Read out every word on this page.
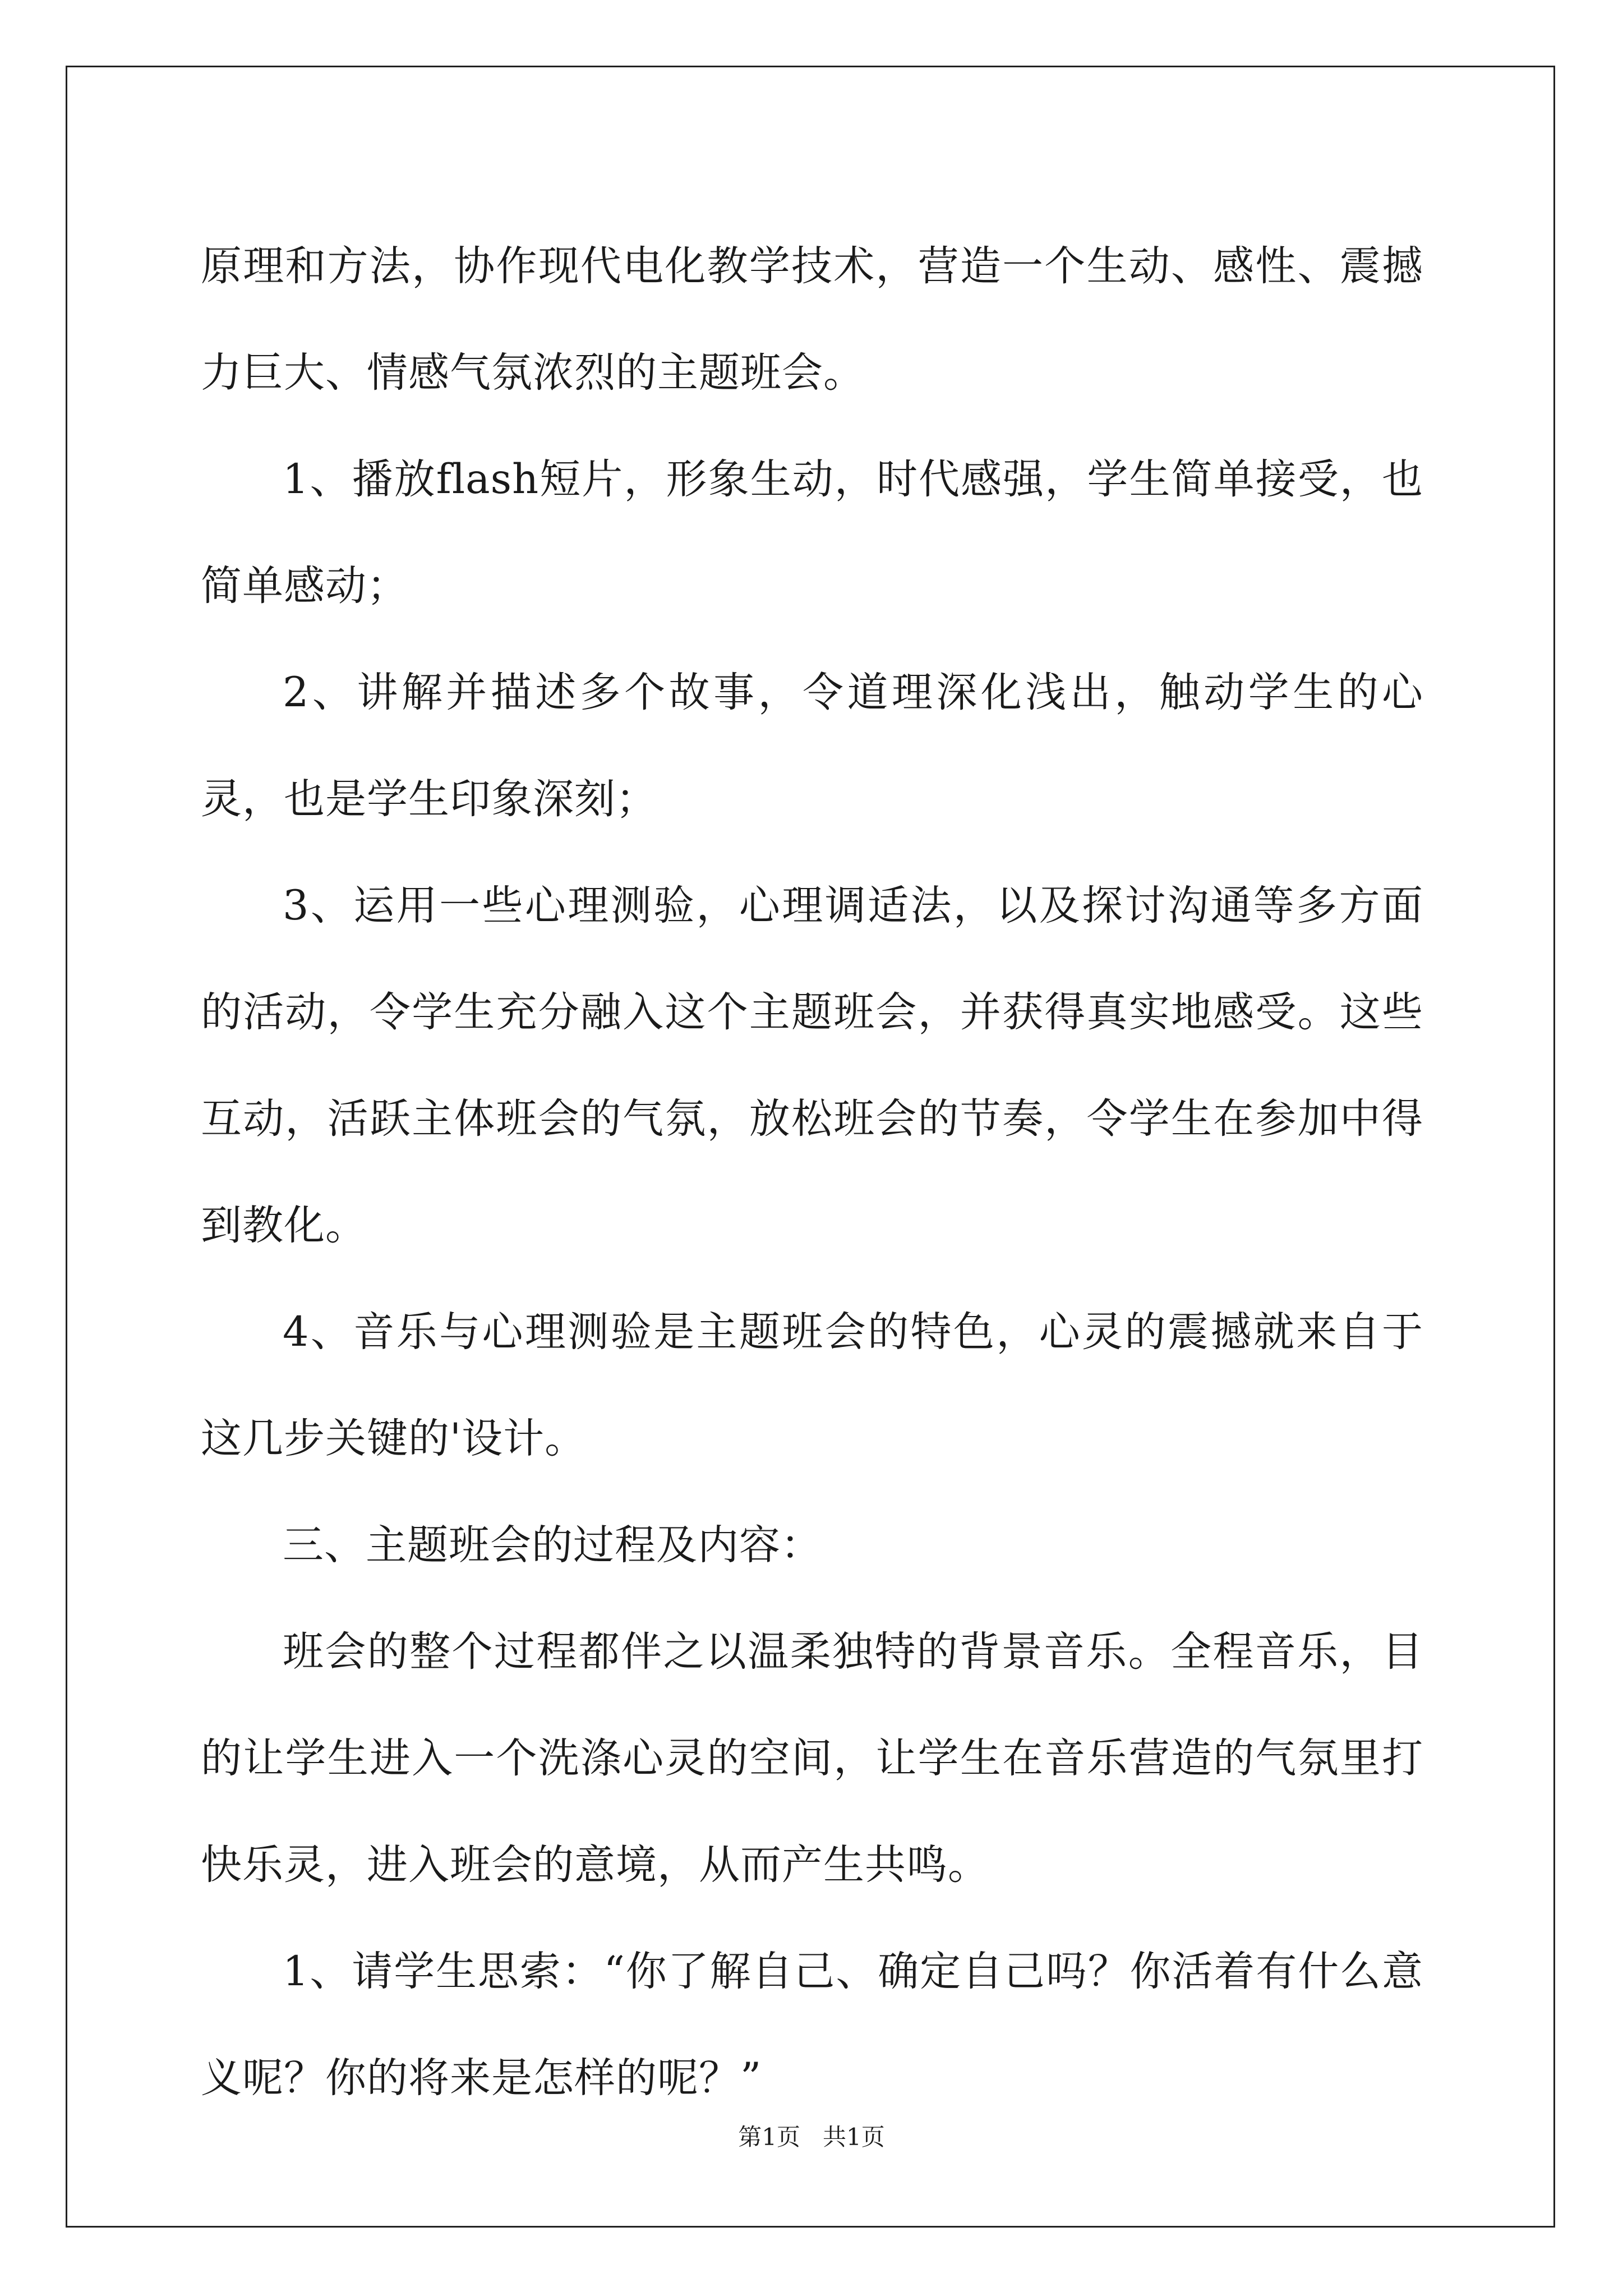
原理和方法，协作现代电化教学技术，营造一个生动、感性、震撼力巨大、情感气氛浓烈的主题班会。

1、播放flash短片，形象生动，时代感强，学生简单接受，也简单感动；

2、讲解并描述多个故事，令道理深化浅出，触动学生的心灵，也是学生印象深刻；

3、运用一些心理测验，心理调适法，以及探讨沟通等多方面的活动，令学生充分融入这个主题班会，并获得真实地感受。这些互动，活跃主体班会的气氛，放松班会的节奏，令学生在参加中得到教化。

4、音乐与心理测验是主题班会的特色，心灵的震撼就来自于这几步关键的'设计。

三、主题班会的过程及内容：

班会的整个过程都伴之以温柔独特的背景音乐。全程音乐，目的让学生进入一个洗涤心灵的空间，让学生在音乐营造的气氛里打快乐灵，进入班会的意境，从而产生共鸣。

1、请学生思索：“你了解自己、确定自己吗？你活着有什么意义呢？你的将来是怎样的呢？”

第1页 共1页
